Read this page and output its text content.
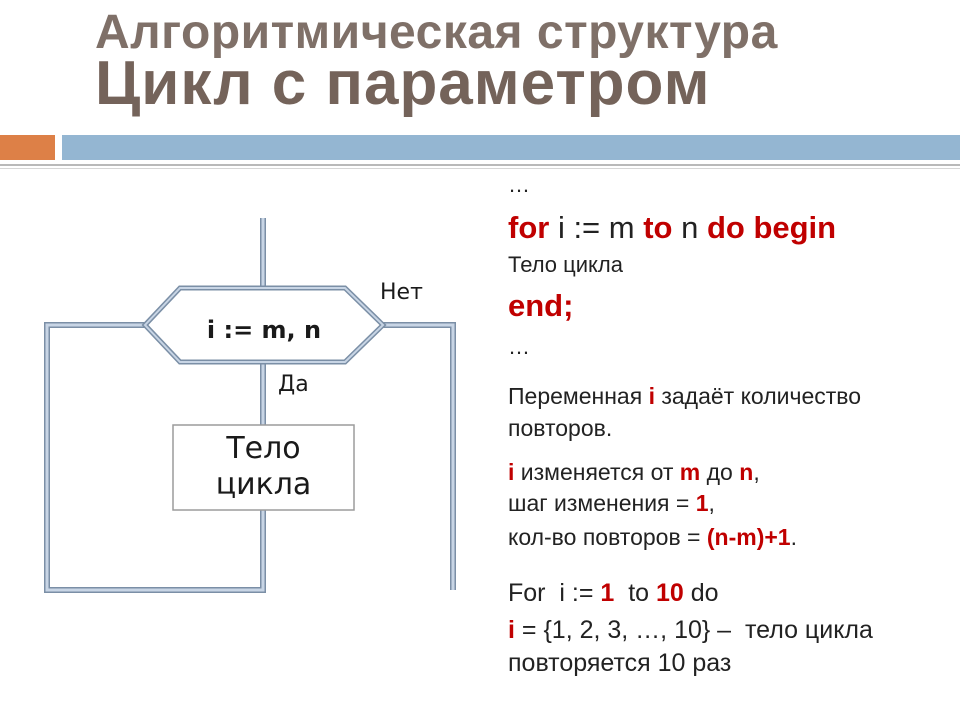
Алгоритмическая структура
Цикл с параметром
i := m, n
Нет
Да
Тело
цикла
…
for i := m to n do begin
Тело цикла
end;
…
Переменная i задаёт количество
повторов.
i изменяется от m до n,
шаг изменения = 1,
кол-во повторов = (n-m)+1.
For  i := 1  to 10 do
i = {1, 2, 3, …, 10} –  тело цикла
повторяется 10 раз
